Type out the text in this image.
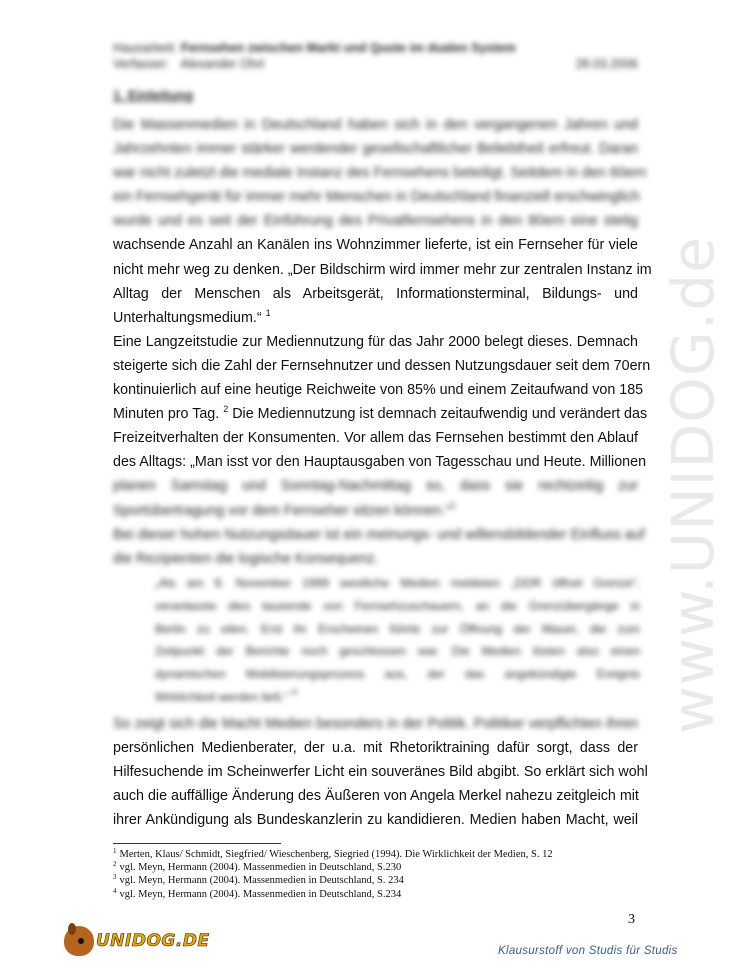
www.UNIDOG.de
Hausarbeit: Fernsehen zwischen Markt und Quote im dualen System
Verfasser: Alexander Ohrt	28.03.2006
1. Einleitung
Die Massenmedien in Deutschland haben sich in den vergangenen Jahren und
Jahrzehnten immer stärker werdender gesellschaftlicher Beliebtheit erfreut. Daran
war nicht zuletzt die mediale Instanz des Fernsehens beteiligt. Seitdem in den 60ern
ein Fernsehgerät für immer mehr Menschen in Deutschland finanziell erschwinglich
wurde und es seit der Einführung des Privatfernsehens in den 80ern eine stetig
wachsende Anzahl an Kanälen ins Wohnzimmer lieferte, ist ein Fernseher für viele
nicht mehr weg zu denken. „Der Bildschirm wird immer mehr zur zentralen Instanz im
Alltag der Menschen als Arbeitsgerät, Informationsterminal, Bildungs- und
Unterhaltungsmedium.“ $^1$
Eine Langzeitstudie zur Mediennutzung für das Jahr 2000 belegt dieses. Demnach
steigerte sich die Zahl der Fernsehnutzer und dessen Nutzungsdauer seit dem 70ern
kontinuierlich auf eine heutige Reichweite von 85% und einem Zeitaufwand von 185
Minuten pro Tag. $^2$ Die Mediennutzung ist demnach zeitaufwendig und verändert das
Freizeitverhalten der Konsumenten. Vor allem das Fernsehen bestimmt den Ablauf
des Alltags: „Man isst vor den Hauptausgaben von Tagesschau und Heute. Millionen
planen Samstag und Sonntag-Nachmittag so, dass sie rechtzeitig zur
Sportübertragung vor dem Fernseher sitzen können.“$^3$
Bei dieser hohen Nutzungsdauer ist ein meinungs- und willensbildender Einfluss auf
die Rezipienten die logische Konsequenz.
„Als am 9. November 1989 westliche Medien meldeten „DDR öffnet Grenze“,
veranlasste dies tausende von Fernsehzuschauern, an die Grenzübergänge in
Berlin zu eilen. Erst ihr Erscheinen führte zur Öffnung der Mauer, die zum
Zeitpunkt der Berichte noch geschlossen war. Die Medien lösten also einen
dynamischen Mobilisierungsprozess aus, der das angekündigte Ereignis
Wirklichkeit werden ließ.“ $^4$
So zeigt sich die Macht Medien besonders in der Politik. Politiker verpflichten ihren
persönlichen Medienberater, der u.a. mit Rhetoriktraining dafür sorgt, dass der
Hilfesuchende im Scheinwerfer Licht ein souveränes Bild abgibt. So erklärt sich wohl
auch die auffällige Änderung des Äußeren von Angela Merkel nahezu zeitgleich mit
ihrer Ankündigung als Bundeskanzlerin zu kandidieren. Medien haben Macht, weil
$^1$ Merten, Klaus/ Schmidt, Siegfried/ Wieschenberg, Siegried (1994). Die Wirklichkeit der Medien, S. 12
$^2$ vgl. Meyn, Hermann (2004). Massenmedien in Deutschland, S.230
$^3$ vgl. Meyn, Hermann (2004). Massenmedien in Deutschland, S. 234
$^4$ vgl. Meyn, Hermann (2004). Massenmedien in Deutschland, S.234
3
UNIDOG.DE	Klausurstoff von Studis für Studis
